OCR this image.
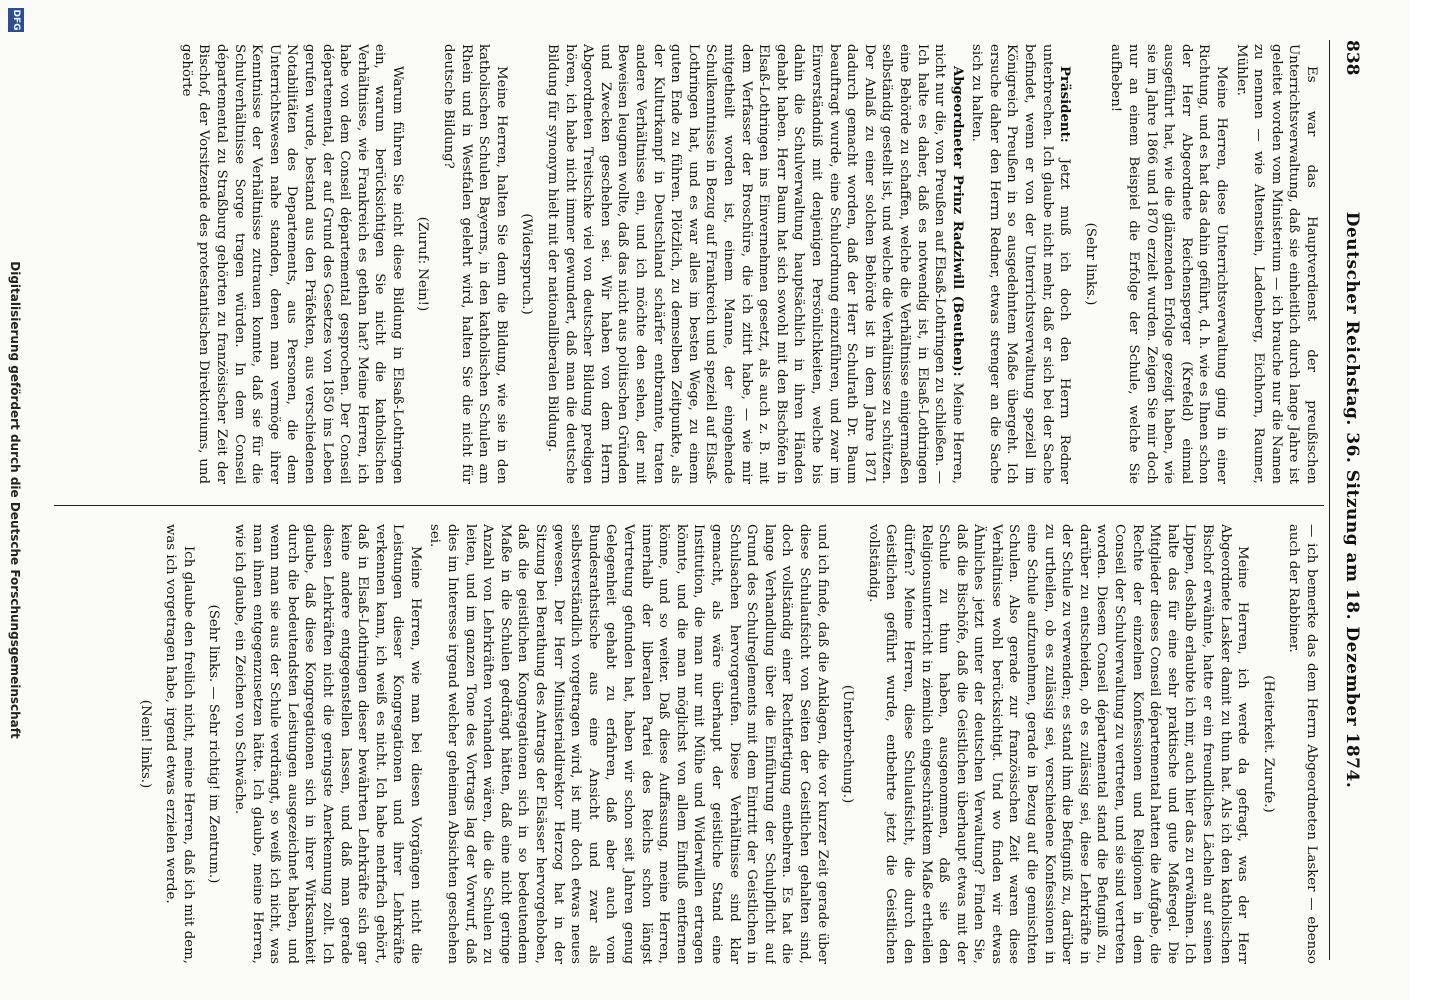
838
Deutscher Reichstag. 36. Sitzung am 18. Dezember 1874.

Es war das Hauptverdienst der preußischen Unterrichtsverwaltung, daß sie einheitlich durch lange Jahre ist geleitet worden vom Ministerium — ich brauche nur die Namen zu nennen — wie Altenstein, Ladenberg, Eichhorn, Raumer, Mühler.

Meine Herren, diese Unterrichtsverwaltung ging in einer Richtung, und es hat das dahin geführt, d. h. wie es Ihnen schon der Herr Abgeordnete Reichensperger (Krefeld) einmal ausgeführt hat, wie die glänzenden Erfolge gezeigt haben, wie sie im Jahre 1866 und 1870 erzielt wurden. Zeigen Sie mir doch nur an einem Beispiel die Erfolge der Schule, welche Sie aufheben!

(Sehr links.)

Präsident: Jetzt muß ich doch den Herrn Redner unterbrechen. Ich glaube nicht mehr, daß er sich bei der Sache befindet, wenn er von der Unterrichtsverwaltung speziell im Königreich Preußen in so ausgedehntem Maße übergeht. Ich ersuche daher den Herrn Redner, etwas strenger an die Sache sich zu halten.

Abgeordneter Prinz Radziwill (Beuthen): Meine Herren, nicht nur die, von Preußen auf Elsaß-Lothringen zu schließen. — Ich halte es daher, daß es notwendig ist, in Elsaß-Lothringen eine Behörde zu schaffen, welche die Verhältnisse einigermaßen selbständig gestellt ist, und welche die Verhältnisse zu schützen. Der Anlaß zu einer solchen Behörde ist in dem Jahre 1871 dadurch gemacht worden, daß der Herr Schulrath Dr. Baum beauftragt wurde, eine Schulordnung einzuführen, und zwar im Einverständniß mit denjenigen Persönlichkeiten, welche bis dahin die Schulverwaltung hauptsächlich in ihren Händen gehabt haben. Herr Baum hat sich sowohl mit den Bischöfen in Elsaß-Lothringen ins Einvernehmen gesetzt, als auch z. B. mit dem Verfasser der Broschüre, die ich zitirt habe, — wie mir mitgetheilt worden ist, einem Manne, der eingehende Schulkenntnisse in Bezug auf Frankreich und speziell auf Elsaß-Lothringen hat, und es war alles im besten Wege, zu einem guten Ende zu führen. Plötzlich, zu demselben Zeitpunkte, als der Kulturkampf in Deutschland schärfer entbrannte, traten andere Verhältnisse ein, und ich möchte den sehen, der mit Beweisen leugnen wollte, daß das nicht aus politischen Gründen und Zwecken geschehen sei. Wir haben von dem Herrn Abgeordneten Treitschke viel von deutscher Bildung predigen hören, ich habe nicht immer gewundert, daß man die deutsche Bildung für synonym hielt mit der nationalliberalen Bildung.

(Widerspruch.)

Meine Herren, halten Sie denn die Bildung, wie sie in den katholischen Schulen Bayerns, in den katholischen Schulen am Rhein und in Westfalen gelehrt wird, halten Sie die nicht für deutsche Bildung?

(Zuruf: Nein!)

Warum führen Sie nicht diese Bildung in Elsaß-Lothringen ein, warum berücksichtigen Sie nicht die katholischen Verhältnisse, wie Frankreich es gethan hat? Meine Herren, ich habe von dem Conseil départemental gesprochen. Der Conseil départemental, der auf Grund des Gesetzes von 1850 ins Leben gerufen wurde, bestand aus den Präfekten, aus verschiedenen Notabilitäten des Departements, aus Personen, die dem Unterrichtswesen nahe standen, denen man vermöge ihrer Kenntnisse der Verhältnisse zutrauen konnte, daß sie für die Schulverhältnisse Sorge tragen würden. In dem Conseil départemental zu Straßburg gehörten zu französischer Zeit der Bischof, der Vorsitzende des protestantischen Direktoriums, und gehörte

— ich bemerke das dem Herrn Abgeordneten Lasker — ebenso auch der Rabbiner.

(Heiterkeit. Zurufe.)

Meine Herren, ich werde da gefragt, was der Herr Abgeordnete Lasker damit zu thun hat. Als ich den katholischen Bischof erwähnte, hatte er ein freundliches Lächeln auf seinen Lippen, deshalb erlaubte ich mir, auch hier das zu erwähnen. Ich halte das für eine sehr praktische und gute Maßregel. Die Mitglieder dieses Conseil départemental hatten die Aufgabe, die Rechte der einzelnen Konfessionen und Religionen in dem Conseil der Schulverwaltung zu vertreten, und sie sind vertreten worden. Diesem Conseil départemental stand die Befugniß zu, darüber zu entscheiden, ob es zulässig sei, diese Lehrkräfte in der Schule zu verwenden; es stand ihm die Befugniß zu, darüber zu urtheilen, ob es zulässig sei, verschiedene Konfessionen in eine Schule aufzunehmen, gerade in Bezug auf die gemischten Schulen. Also gerade zur französischen Zeit waren diese Verhältnisse wohl berücksichtigt. Und wo finden wir etwas Ähnliches jetzt unter der deutschen Verwaltung? Finden Sie, daß die Bischöfe, daß die Geistlichen überhaupt etwas mit der Schule zu thun haben, ausgenommen, daß sie den Religionsunterricht in ziemlich eingeschränktem Maße ertheilen dürfen? Meine Herren, diese Schulaufsicht, die durch den Geistlichen geführt wurde, entbehrte jetzt die Geistlichen vollständig.

(Unterbrechung.)

und ich finde, daß die Anklagen, die vor kurzer Zeit gerade über diese Schulaufsicht von Seiten der Geistlichen gehalten sind, doch vollständig einer Rechtfertigung entbehren. Es hat die lange Verhandlung über die Einführung der Schulpflicht auf Grund des Schulreglements mit dem Eintritt der Geistlichen in Schulsachen hervorgerufen. Diese Verhältnisse sind klar gemacht, als wäre überhaupt der geistliche Stand eine Institution, die man nur mit Mühe und Widerwillen ertragen könnte, und die man möglichst von allem Einfluß entfernen könne, und so weiter. Daß diese Auffassung, meine Herren, innerhalb der liberalen Partei des Reichs schon längst Vertretung gefunden hat, haben wir schon seit Jahren genug Gelegenheit gehabt zu erfahren, daß aber auch vom Bundesrathstische aus eine Ansicht und zwar als selbstverständlich vorgetragen wird, ist mir doch etwas neues gewesen. Der Herr Ministerialdirektor Herzog hat in der Sitzung bei Berathung des Antrags der Elsässer hervorgehoben, daß die geistlichen Kongregationen sich in so bedeutendem Maße in die Schulen gedrängt hätten, daß eine nicht geringe Anzahl von Lehrkräften vorhanden wären, die die Schulen zu leiten, und im ganzen Tone des Vortrags lag der Vorwurf, daß dies im Interesse irgend welcher geheimen Absichten geschehen sei.

Meine Herren, wie man bei diesen Vorgängen nicht die Leistungen dieser Kongregationen und ihrer Lehrkräfte verkennen kann, ich weiß es nicht. Ich habe mehrfach gehört, daß in Elsaß-Lothringen dieser bewährten Lehrkräfte sich gar keine andere entgegenstellen lassen, und daß man gerade diesen Lehrkräften nicht die geringste Anerkennung zollt. Ich glaube, daß diese Kongregationen sich in ihrer Wirksamkeit durch die bedeutendsten Leistungen ausgezeichnet haben, und wenn man sie aus der Schule verdrängt, so weiß ich nicht, was man ihnen entgegenzusetzen hätte. Ich glaube, meine Herren, wie ich glaube, ein Zeichen von Schwäche.

(Sehr links. — Sehr richtig! im Zentrum.)

Ich glaube den freilich nicht, meine Herren, daß ich mit dem, was ich vorgetragen habe, irgend etwas erzielen werde.

(Nein! links.)

DFG
Digitalisierung gefördert durch die Deutsche Forschungsgemeinschaft
